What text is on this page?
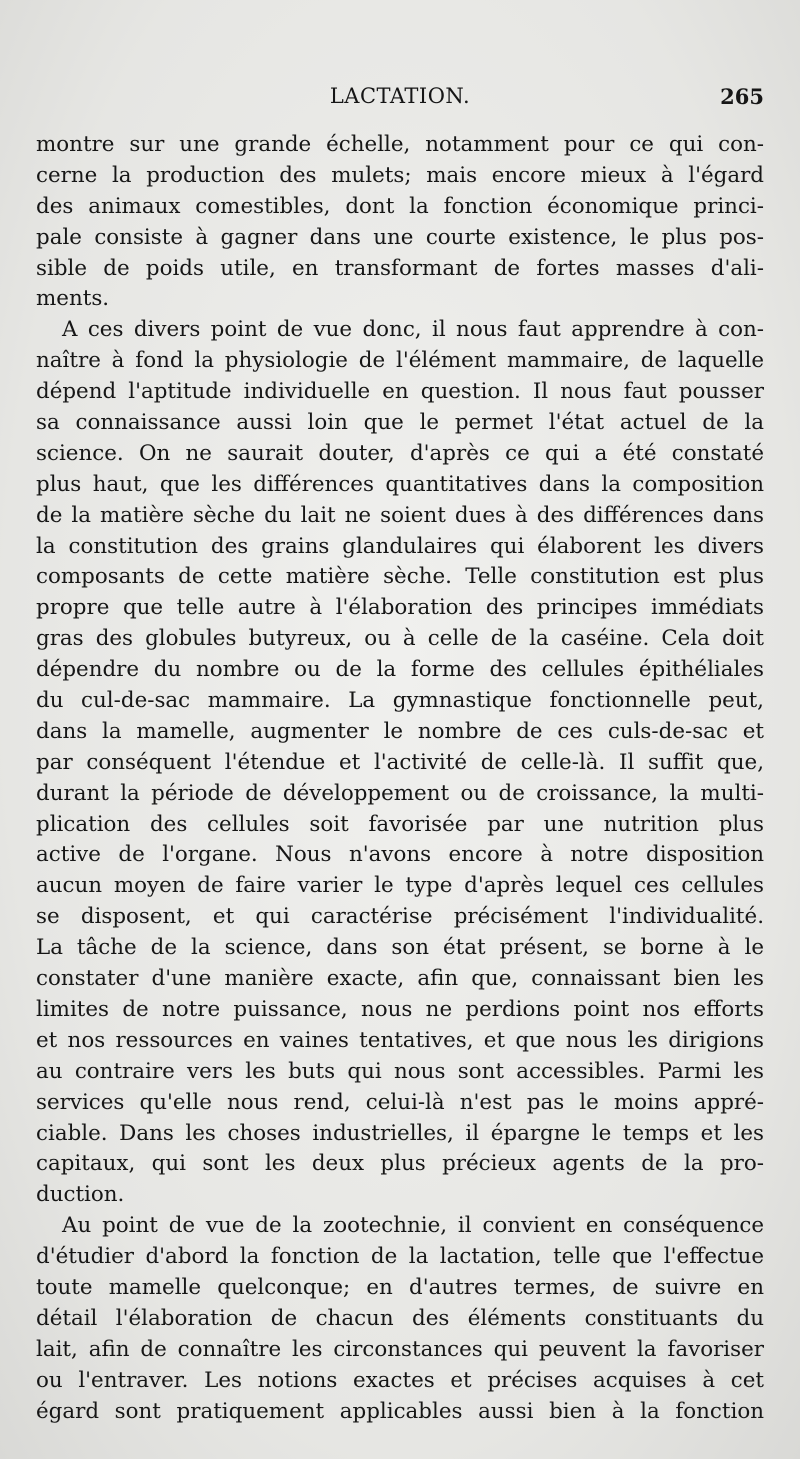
LACTATION.	265
montre sur une grande échelle, notamment pour ce qui con-
cerne la production des mulets; mais encore mieux à l'égard
des animaux comestibles, dont la fonction économique princi-
pale consiste à gagner dans une courte existence, le plus pos-
sible de poids utile, en transformant de fortes masses d'ali-
ments.
A ces divers point de vue donc, il nous faut apprendre à con-
naître à fond la physiologie de l'élément mammaire, de laquelle
dépend l'aptitude individuelle en question. Il nous faut pousser
sa connaissance aussi loin que le permet l'état actuel de la
science. On ne saurait douter, d'après ce qui a été constaté
plus haut, que les différences quantitatives dans la composition
de la matière sèche du lait ne soient dues à des différences dans
la constitution des grains glandulaires qui élaborent les divers
composants de cette matière sèche. Telle constitution est plus
propre que telle autre à l'élaboration des principes immédiats
gras des globules butyreux, ou à celle de la caséine. Cela doit
dépendre du nombre ou de la forme des cellules épithéliales
du cul-de-sac mammaire. La gymnastique fonctionnelle peut,
dans la mamelle, augmenter le nombre de ces culs-de-sac et
par conséquent l'étendue et l'activité de celle-là. Il suffit que,
durant la période de développement ou de croissance, la multi-
plication des cellules soit favorisée par une nutrition plus
active de l'organe. Nous n'avons encore à notre disposition
aucun moyen de faire varier le type d'après lequel ces cellules
se disposent, et qui caractérise précisément l'individualité.
La tâche de la science, dans son état présent, se borne à le
constater d'une manière exacte, afin que, connaissant bien les
limites de notre puissance, nous ne perdions point nos efforts
et nos ressources en vaines tentatives, et que nous les dirigions
au contraire vers les buts qui nous sont accessibles. Parmi les
services qu'elle nous rend, celui-là n'est pas le moins appré-
ciable. Dans les choses industrielles, il épargne le temps et les
capitaux, qui sont les deux plus précieux agents de la pro-
duction.
Au point de vue de la zootechnie, il convient en conséquence
d'étudier d'abord la fonction de la lactation, telle que l'effectue
toute mamelle quelconque; en d'autres termes, de suivre en
détail l'élaboration de chacun des éléments constituants du
lait, afin de connaître les circonstances qui peuvent la favoriser
ou l'entraver. Les notions exactes et précises acquises à cet
égard sont pratiquement applicables aussi bien à la fonction
